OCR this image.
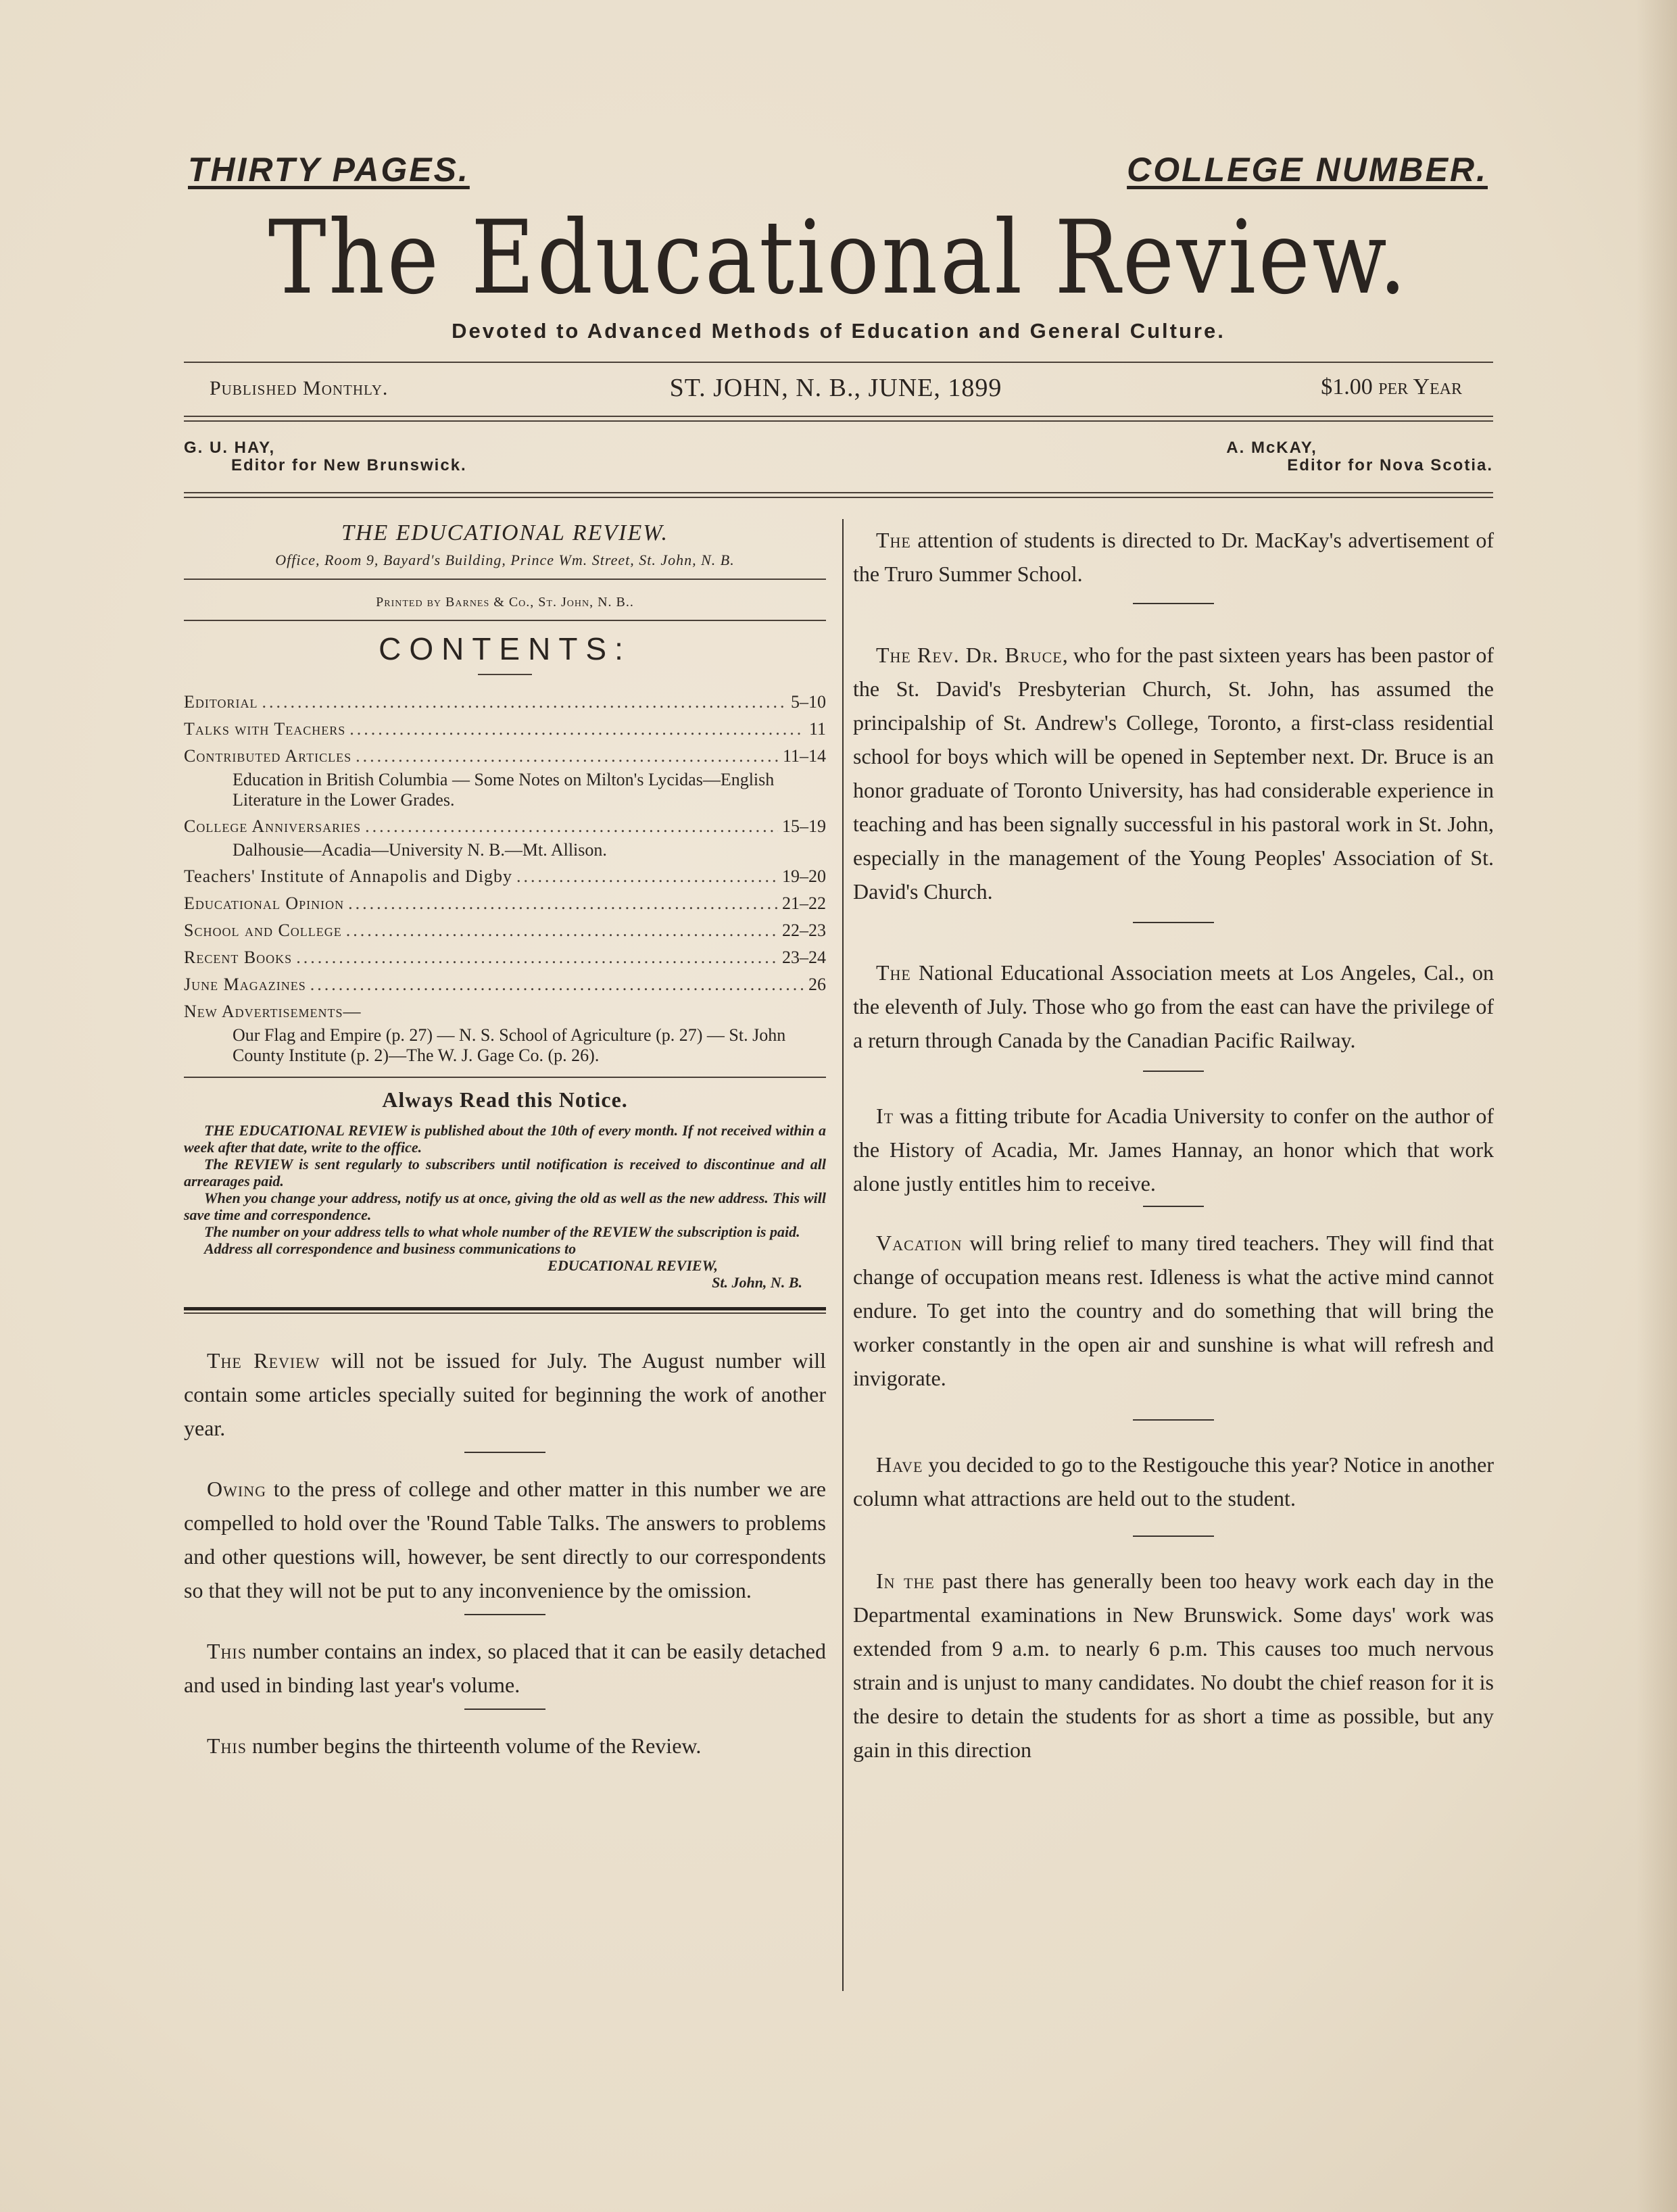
THIRTY PAGES.	COLLEGE NUMBER.
The Educational Review.
Devoted to Advanced Methods of Education and General Culture.
Published Monthly.	ST. JOHN, N. B., JUNE, 1899	$1.00 per Year
G. U. HAY,
Editor for New Brunswick.
A. McKAY,
Editor for Nova Scotia.
THE EDUCATIONAL REVIEW.
Office, Room 9, Bayard's Building, Prince Wm. Street, St. John, N. B.
Printed by Barnes & Co., St. John, N. B..
CONTENTS:
Editorial .....	5–10
Talks with Teachers .....	11
Contributed Articles .....	11–14
Education in British Columbia — Some Notes on Milton's Lycidas—English Literature in the Lower Grades.
College Anniversaries .....	15–19
Dalhousie—Acadia—University N. B.—Mt. Allison.
Teachers' Institute of Annapolis and Digby .....	19–20
Educational Opinion .....	21–22
School and College .....	22–23
Recent Books .....	23–24
June Magazines .....	26
New Advertisements—
Our Flag and Empire (p. 27) — N. S. School of Agriculture (p. 27) — St. John County Institute (p. 2)—The W. J. Gage Co. (p. 26).
Always Read this Notice.

THE EDUCATIONAL REVIEW is published about the 10th of every month. If not received within a week after that date, write to the office.

The REVIEW is sent regularly to subscribers until notification is received to discontinue and all arrearages paid.

When you change your address, notify us at once, giving the old as well as the new address. This will save time and correspondence.

The number on your address tells to what whole number of the REVIEW the subscription is paid.

Address all correspondence and business communications to

EDUCATIONAL REVIEW,

St. John, N. B.

The Review will not be issued for July. The August number will contain some articles specially suited for beginning the work of another year.

Owing to the press of college and other matter in this number we are compelled to hold over the 'Round Table Talks. The answers to problems and other questions will, however, be sent directly to our correspondents so that they will not be put to any inconvenience by the omission.

This number contains an index, so placed that it can be easily detached and used in binding last year's volume.

This number begins the thirteenth volume of the Review.

The attention of students is directed to Dr. MacKay's advertisement of the Truro Summer School.

The Rev. Dr. Bruce, who for the past sixteen years has been pastor of the St. David's Presbyterian Church, St. John, has assumed the principalship of St. Andrew's College, Toronto, a first-class residential school for boys which will be opened in September next. Dr. Bruce is an honor graduate of Toronto University, has had considerable experience in teaching and has been signally successful in his pastoral work in St. John, especially in the management of the Young Peoples' Association of St. David's Church.

The National Educational Association meets at Los Angeles, Cal., on the eleventh of July. Those who go from the east can have the privilege of a return through Canada by the Canadian Pacific Railway.

It was a fitting tribute for Acadia University to confer on the author of the History of Acadia, Mr. James Hannay, an honor which that work alone justly entitles him to receive.

Vacation will bring relief to many tired teachers. They will find that change of occupation means rest. Idleness is what the active mind cannot endure. To get into the country and do something that will bring the worker constantly in the open air and sunshine is what will refresh and invigorate.

Have you decided to go to the Restigouche this year? Notice in another column what attractions are held out to the student.

In the past there has generally been too heavy work each day in the Departmental examinations in New Brunswick. Some days' work was extended from 9 a.m. to nearly 6 p.m. This causes too much nervous strain and is unjust to many candidates. No doubt the chief reason for it is the desire to detain the students for as short a time as possible, but any gain in this direction
